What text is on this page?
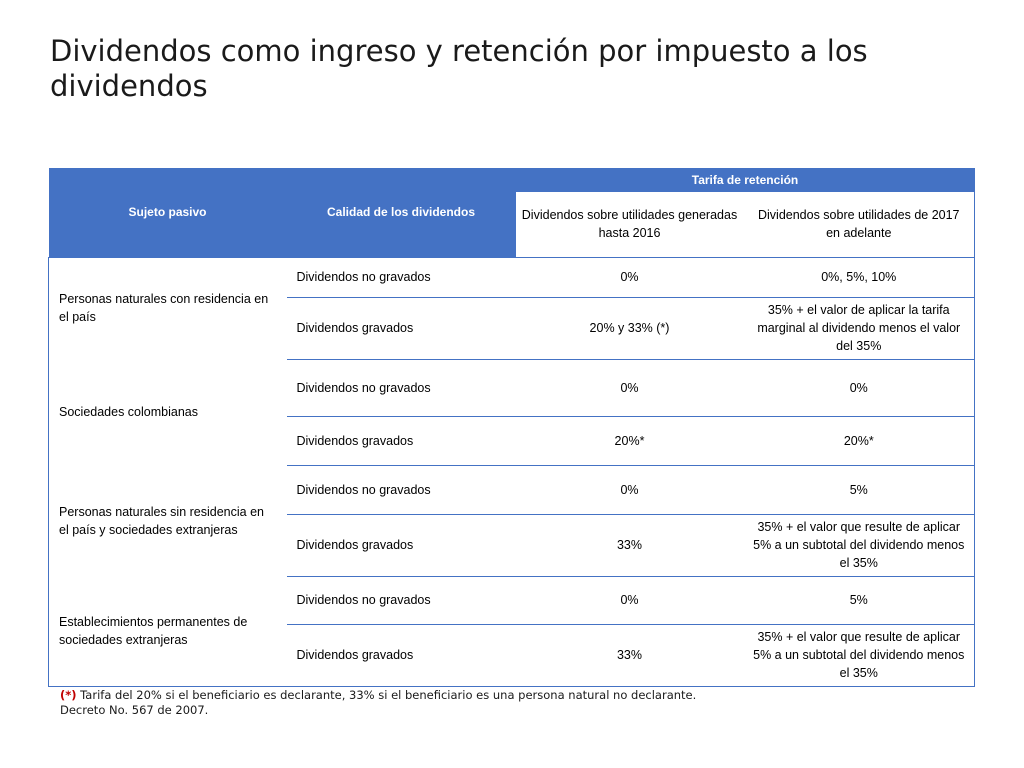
Dividendos como ingreso y retención por impuesto a los dividendos
Sujeto pasivo	Calidad de los dividendos	Tarifa de retención	
		Dividendos sobre utilidades generadas hasta 2016	Dividendos sobre utilidades de 2017 en adelante
Personas naturales con residencia en el país	Dividendos no gravados	0%	0%, 5%, 10%
	Dividendos gravados	20% y 33% (*)	35% + el valor de aplicar la tarifa marginal al dividendo menos el valor del 35%
Sociedades colombianas	Dividendos no gravados	0%	0%
	Dividendos gravados	20%*	20%*
Personas naturales sin residencia en el país y sociedades extranjeras	Dividendos no gravados	0%	5%
	Dividendos gravados	33%	35% + el valor que resulte de aplicar 5% a un subtotal del dividendo menos el 35%
Establecimientos permanentes de sociedades extranjeras	Dividendos no gravados	0%	5%
	Dividendos gravados	33%	35% + el valor que resulte de aplicar 5% a un subtotal del dividendo menos el 35%
(*) Tarifa del 20% si el beneficiario es declarante, 33% si el beneficiario es una persona natural no declarante.
Decreto No. 567 de 2007.
